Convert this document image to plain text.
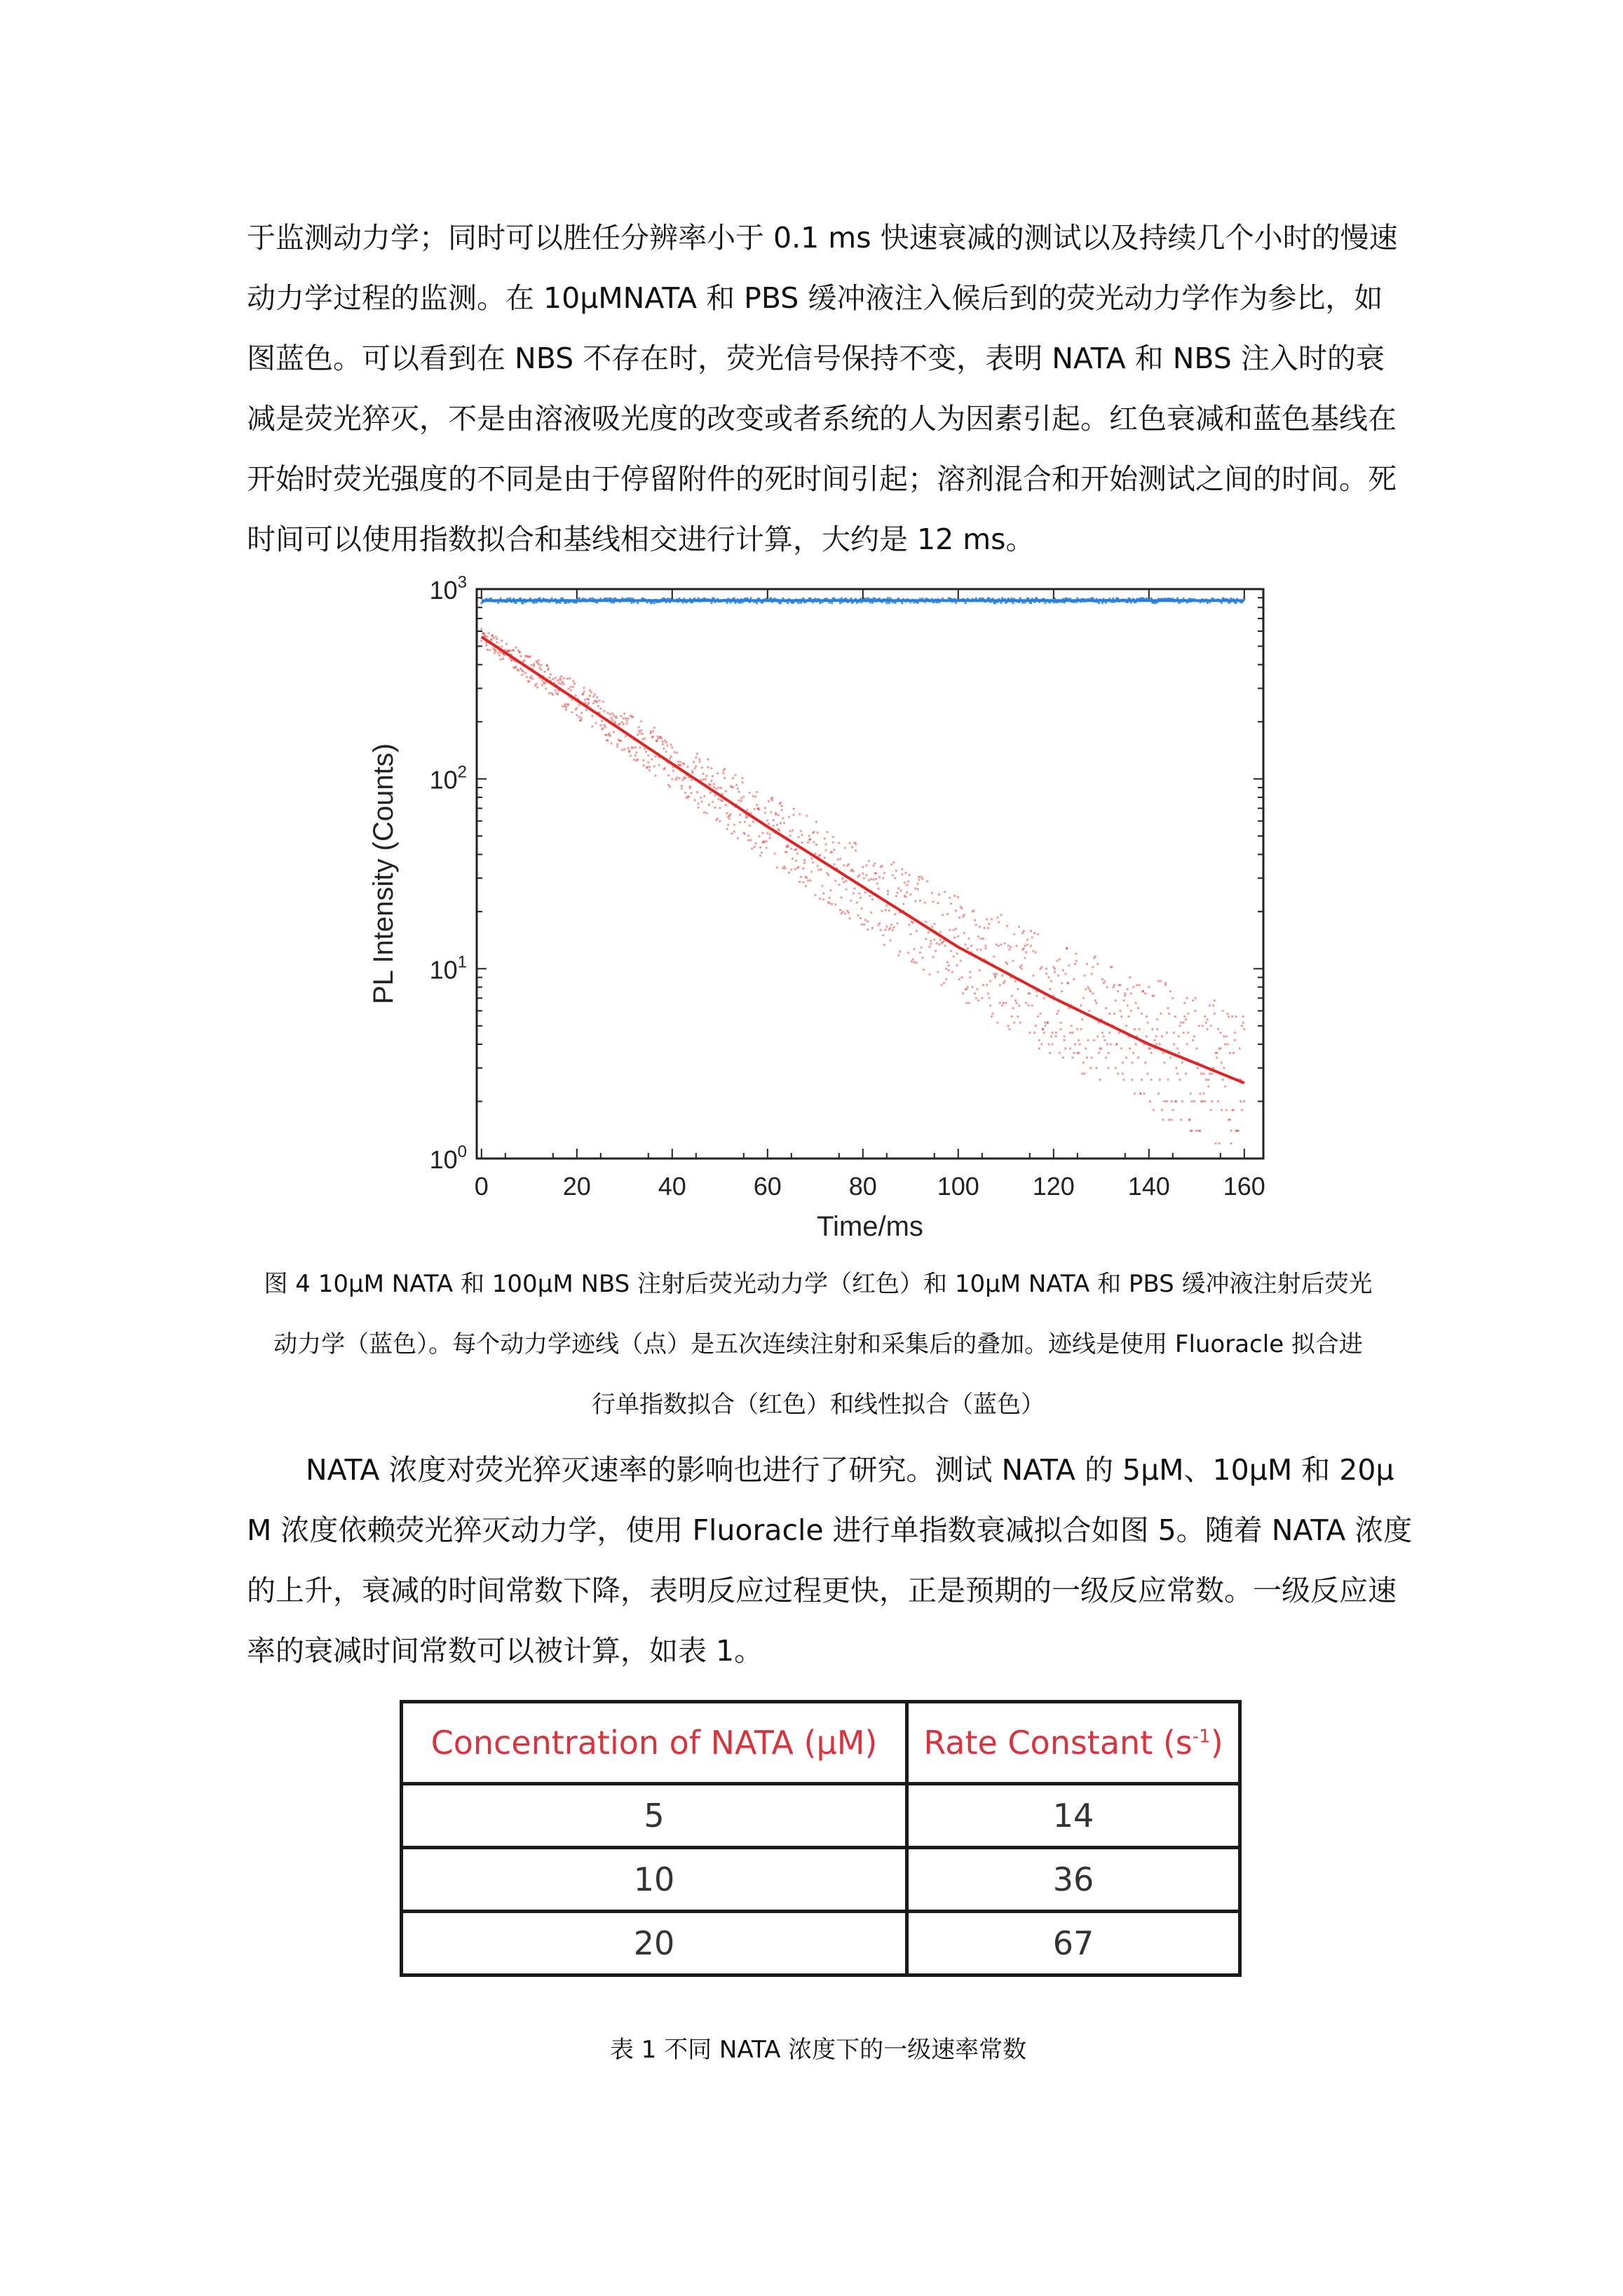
于监测动力学；同时可以胜任分辨率小于 0.1 ms 快速衰减的测试以及持续几个小时的慢速
动力学过程的监测。在 10μMNATA 和 PBS 缓冲液注入候后到的荧光动力学作为参比，如
图蓝色。可以看到在 NBS 不存在时，荧光信号保持不变，表明 NATA 和 NBS 注入时的衰
减是荧光猝灭，不是由溶液吸光度的改变或者系统的人为因素引起。红色衰减和蓝色基线在
开始时荧光强度的不同是由于停留附件的死时间引起；溶剂混合和开始测试之间的时间。死
时间可以使用指数拟合和基线相交进行计算，大约是 12 ms。
0	20	40	60	80 100 120 140 160
$10^0$
$10^1$
$10^2$
$10^3$
Time/ms
PL Intensity (Counts)
图 4 10μM NATA 和 100μM NBS 注射后荧光动力学（红色）和 10μM NATA 和 PBS 缓冲液注射后荧光
动力学（蓝色）。每个动力学迹线（点）是五次连续注射和采集后的叠加。迹线是使用 Fluoracle 拟合进
行单指数拟合（红色）和线性拟合（蓝色）
NATA 浓度对荧光猝灭速率的影响也进行了研究。测试 NATA 的 5μM、10μM 和 20μ
M 浓度依赖荧光猝灭动力学，使用 Fluoracle 进行单指数衰减拟合如图 5。随着 NATA 浓度
的上升，衰减的时间常数下降，表明反应过程更快，正是预期的一级反应常数。一级反应速
率的衰减时间常数可以被计算，如表 1。
Concentration of NATA (μM)	Rate Constant $(s^{-1})$
5	14
10	36
20	67
表 1 不同 NATA 浓度下的一级速率常数
